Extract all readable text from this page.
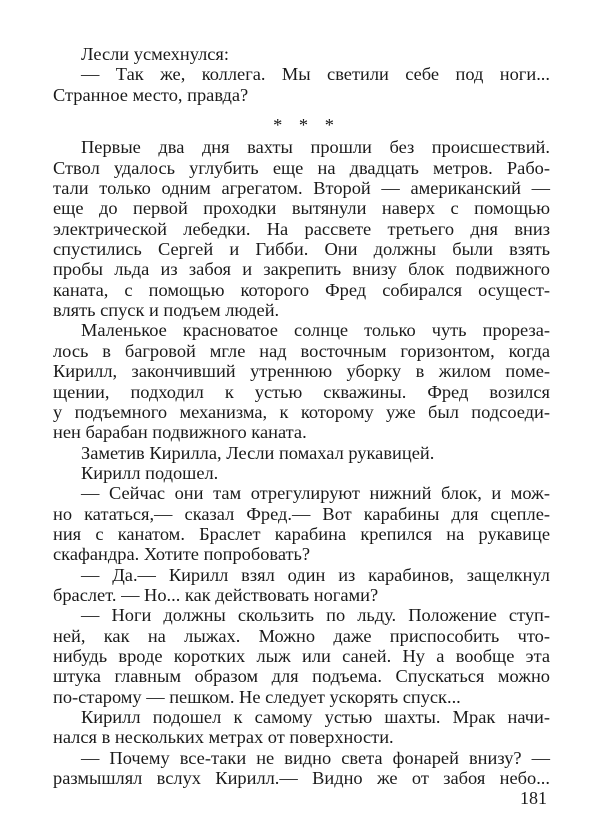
Лесли усмехнулся:
— Так же, коллега. Мы светили себе под ноги...
Странное место, правда?
* * *
Первые два дня вахты прошли без происшествий.
Ствол удалось углубить еще на двадцать метров. Рабо-
тали только одним агрегатом. Второй — американский —
еще до первой проходки вытянули наверх с помощью
электрической лебедки. На рассвете третьего дня вниз
спустились Сергей и Гибби. Они должны были взять
пробы льда из забоя и закрепить внизу блок подвижного
каната, с помощью которого Фред собирался осущест-
влять спуск и подъем людей.
Маленькое красноватое солнце только чуть прореза-
лось в багровой мгле над восточным горизонтом, когда
Кирилл, закончивший утреннюю уборку в жилом поме-
щении, подходил к устью скважины. Фред возился
у подъемного механизма, к которому уже был подсоеди-
нен барабан подвижного каната.
Заметив Кирилла, Лесли помахал рукавицей.
Кирилл подошел.
— Сейчас они там отрегулируют нижний блок, и мож-
но кататься,— сказал Фред.— Вот карабины для сцепле-
ния с канатом. Браслет карабина крепился на рукавице
скафандра. Хотите попробовать?
— Да.— Кирилл взял один из карабинов, защелкнул
браслет. — Но... как действовать ногами?
— Ноги должны скользить по льду. Положение ступ-
ней, как на лыжах. Можно даже приспособить что-
нибудь вроде коротких лыж или саней. Ну а вообще эта
штука главным образом для подъема. Спускаться можно
по-старому — пешком. Не следует ускорять спуск...
Кирилл подошел к самому устью шахты. Мрак начи-
нался в нескольких метрах от поверхности.
— Почему все-таки не видно света фонарей внизу? —
размышлял вслух Кирилл.— Видно же от забоя небо...
181
